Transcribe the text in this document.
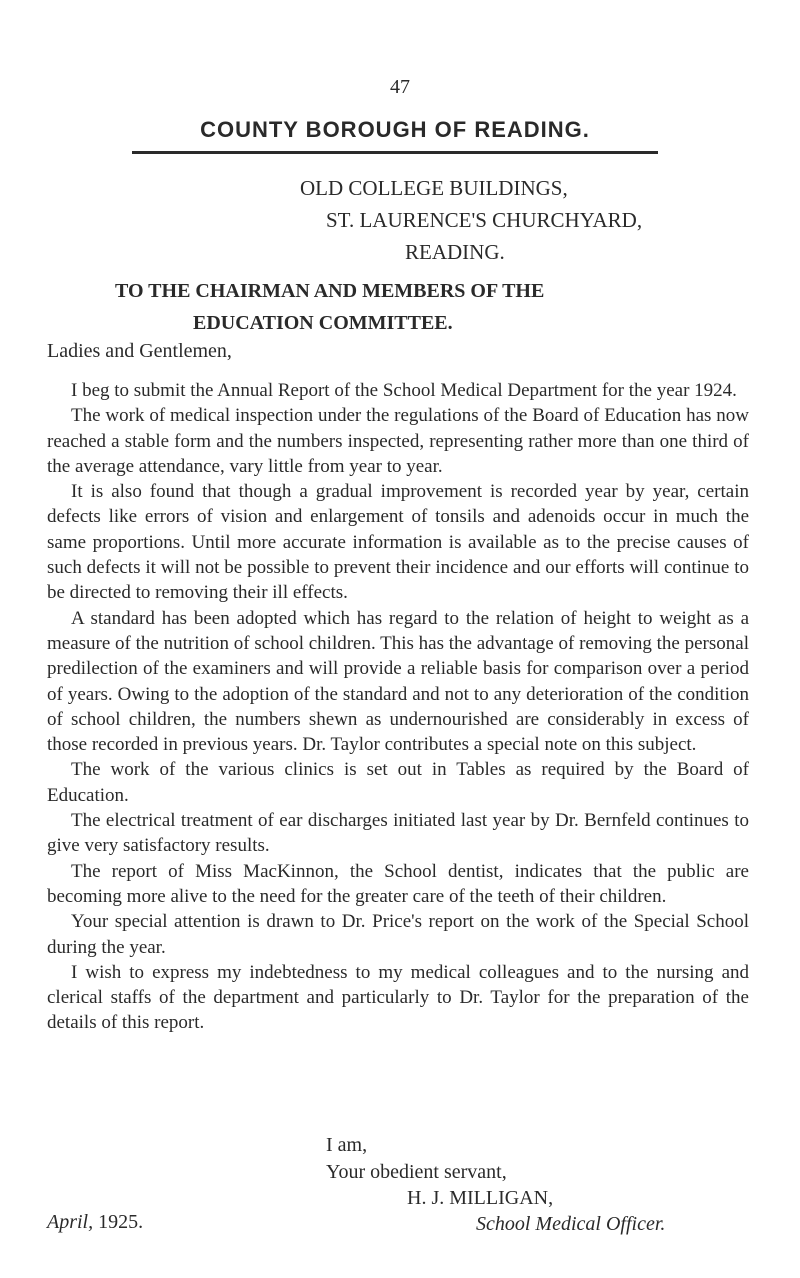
47
COUNTY BOROUGH OF READING.
OLD COLLEGE BUILDINGS,
ST. LAURENCE'S CHURCHYARD,
READING.
TO THE CHAIRMAN AND MEMBERS OF THE
EDUCATION COMMITTEE.
Ladies and Gentlemen,

I beg to submit the Annual Report of the School Medical Department for the year 1924.

The work of medical inspection under the regulations of the Board of Education has now reached a stable form and the numbers inspected, representing rather more than one third of the average attendance, vary little from year to year.

It is also found that though a gradual improvement is recorded year by year, certain defects like errors of vision and enlargement of tonsils and adenoids occur in much the same proportions. Until more accurate information is available as to the precise causes of such defects it will not be possible to prevent their incidence and our efforts will continue to be directed to removing their ill effects.

A standard has been adopted which has regard to the relation of height to weight as a measure of the nutrition of school children. This has the advantage of removing the personal predilection of the examiners and will provide a reliable basis for comparison over a period of years. Owing to the adoption of the standard and not to any deterioration of the condition of school children, the numbers shewn as undernourished are considerably in excess of those recorded in previous years. Dr. Taylor contributes a special note on this subject.

The work of the various clinics is set out in Tables as required by the Board of Education.

The electrical treatment of ear discharges initiated last year by Dr. Bernfeld continues to give very satisfactory results.

The report of Miss MacKinnon, the School dentist, indicates that the public are becoming more alive to the need for the greater care of the teeth of their children.

Your special attention is drawn to Dr. Price's report on the work of the Special School during the year.

I wish to express my indebtedness to my medical colleagues and to the nursing and clerical staffs of the department and particularly to Dr. Taylor for the preparation of the details of this report.

I am,
Your obedient servant,
H. J. MILLIGAN,
School Medical Officer.
April, 1925.
